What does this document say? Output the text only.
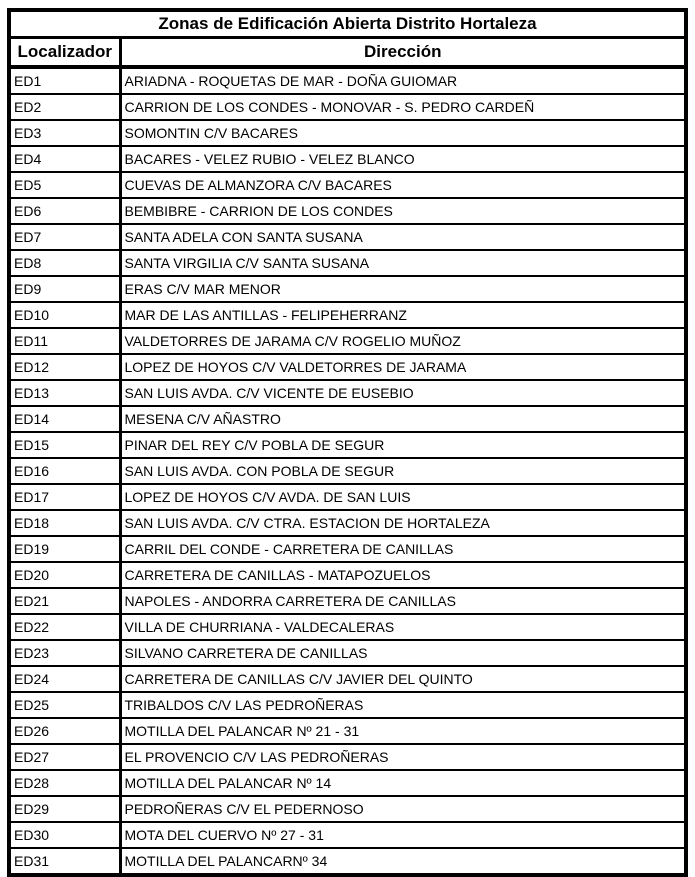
Zonas de Edificación Abierta Distrito Hortaleza	
Localizador	Dirección
ED1	ARIADNA - ROQUETAS DE MAR - DOÑA GUIOMAR
ED2	CARRION DE LOS CONDES - MONOVAR - S. PEDRO CARDEÑ
ED3	SOMONTIN C/V BACARES
ED4	BACARES - VELEZ RUBIO - VELEZ BLANCO
ED5	CUEVAS DE ALMANZORA C/V BACARES
ED6	BEMBIBRE - CARRION DE LOS CONDES
ED7	SANTA ADELA CON SANTA SUSANA
ED8	SANTA VIRGILIA C/V SANTA SUSANA
ED9	ERAS C/V MAR MENOR
ED10	MAR DE LAS ANTILLAS - FELIPEHERRANZ
ED11	VALDETORRES DE JARAMA C/V ROGELIO MUÑOZ
ED12	LOPEZ DE HOYOS C/V VALDETORRES DE JARAMA
ED13	SAN LUIS AVDA. C/V VICENTE DE EUSEBIO
ED14	MESENA C/V AÑASTRO
ED15	PINAR DEL REY C/V POBLA DE SEGUR
ED16	SAN LUIS AVDA. CON POBLA DE SEGUR
ED17	LOPEZ DE HOYOS C/V AVDA. DE SAN LUIS
ED18	SAN LUIS AVDA. C/V CTRA. ESTACION DE HORTALEZA
ED19	CARRIL DEL CONDE - CARRETERA DE CANILLAS
ED20	CARRETERA DE CANILLAS - MATAPOZUELOS
ED21	NAPOLES - ANDORRA CARRETERA DE CANILLAS
ED22	VILLA DE CHURRIANA - VALDECALERAS
ED23	SILVANO CARRETERA DE CANILLAS
ED24	CARRETERA DE CANILLAS C/V JAVIER DEL QUINTO
ED25	TRIBALDOS C/V LAS PEDROÑERAS
ED26	MOTILLA DEL PALANCAR Nº 21 - 31
ED27	EL PROVENCIO C/V LAS PEDROÑERAS
ED28	MOTILLA DEL PALANCAR Nº 14
ED29	PEDROÑERAS C/V EL PEDERNOSO
ED30	MOTA DEL CUERVO Nº 27 - 31
ED31	MOTILLA DEL PALANCARNº 34
